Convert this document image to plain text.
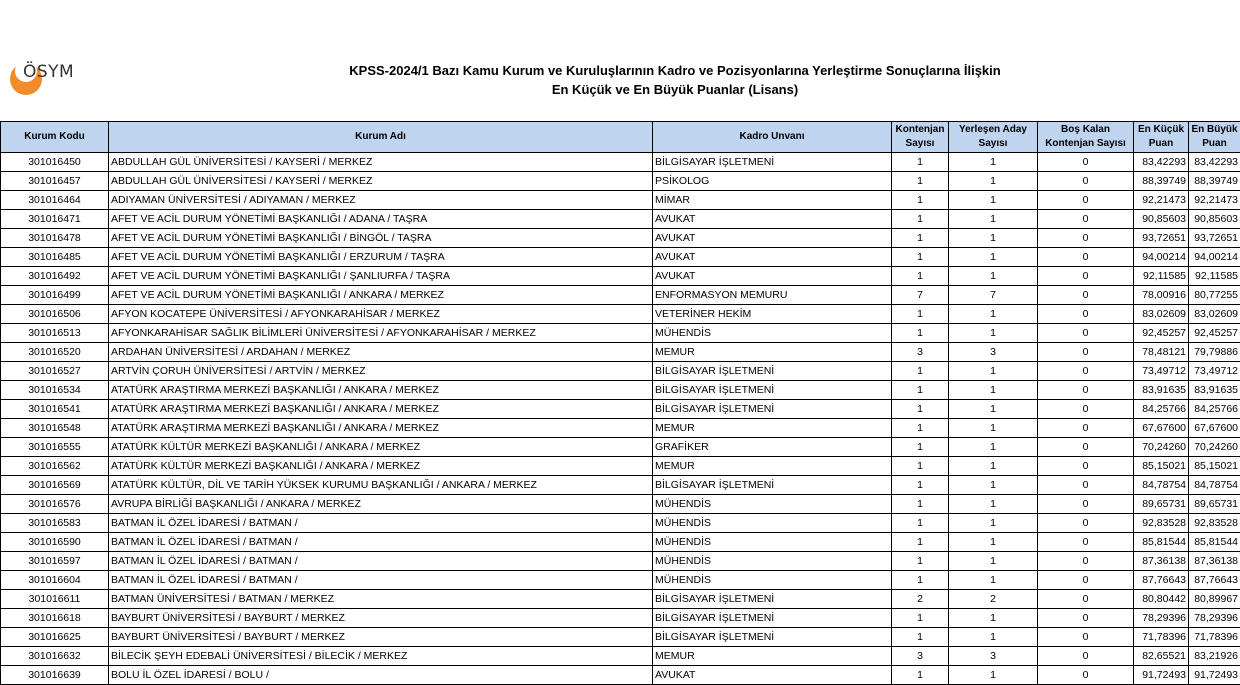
ÖSYM	KPSS-2024/1 Bazı Kamu Kurum ve Kuruluşlarının Kadro ve Pozisyonlarına Yerleştirme Sonuçlarına İlişkin
En Küçük ve En Büyük Puanlar (Lisans)
Kurum Kodu	Kurum Adı	Kadro Unvanı	Kontenjan Sayısı	Yerleşen Aday Sayısı	Boş Kalan Kontenjan Sayısı	En Küçük Puan	En Büyük Puan
301016450	ABDULLAH GÜL ÜNİVERSİTESİ / KAYSERİ / MERKEZ	BİLGİSAYAR İŞLETMENİ	1	1	0	83,42293	83,42293
301016457	ABDULLAH GÜL ÜNİVERSİTESİ / KAYSERİ / MERKEZ	PSİKOLOG	1	1	0	88,39749	88,39749
301016464	ADIYAMAN ÜNİVERSİTESİ / ADIYAMAN / MERKEZ	MİMAR	1	1	0	92,21473	92,21473
301016471	AFET VE ACİL DURUM YÖNETİMİ BAŞKANLIĞI / ADANA / TAŞRA	AVUKAT	1	1	0	90,85603	90,85603
301016478	AFET VE ACİL DURUM YÖNETİMİ BAŞKANLIĞI / BİNGÖL / TAŞRA	AVUKAT	1	1	0	93,72651	93,72651
301016485	AFET VE ACİL DURUM YÖNETİMİ BAŞKANLIĞI / ERZURUM / TAŞRA	AVUKAT	1	1	0	94,00214	94,00214
301016492	AFET VE ACİL DURUM YÖNETİMİ BAŞKANLIĞI / ŞANLIURFA / TAŞRA	AVUKAT	1	1	0	92,11585	92,11585
301016499	AFET VE ACİL DURUM YÖNETİMİ BAŞKANLIĞI / ANKARA / MERKEZ	ENFORMASYON MEMURU	7	7	0	78,00916	80,77255
301016506	AFYON KOCATEPE ÜNİVERSİTESİ / AFYONKARAHİSAR / MERKEZ	VETERİNER HEKİM	1	1	0	83,02609	83,02609
301016513	AFYONKARAHİSAR SAĞLIK BİLİMLERİ ÜNİVERSİTESİ / AFYONKARAHİSAR / MERKEZ	MÜHENDİS	1	1	0	92,45257	92,45257
301016520	ARDAHAN ÜNİVERSİTESİ / ARDAHAN / MERKEZ	MEMUR	3	3	0	78,48121	79,79886
301016527	ARTVİN ÇORUH ÜNİVERSİTESİ / ARTVİN / MERKEZ	BİLGİSAYAR İŞLETMENİ	1	1	0	73,49712	73,49712
301016534	ATATÜRK ARAŞTIRMA MERKEZİ BAŞKANLIĞI / ANKARA / MERKEZ	BİLGİSAYAR İŞLETMENİ	1	1	0	83,91635	83,91635
301016541	ATATÜRK ARAŞTIRMA MERKEZİ BAŞKANLIĞI / ANKARA / MERKEZ	BİLGİSAYAR İŞLETMENİ	1	1	0	84,25766	84,25766
301016548	ATATÜRK ARAŞTIRMA MERKEZİ BAŞKANLIĞI / ANKARA / MERKEZ	MEMUR	1	1	0	67,67600	67,67600
301016555	ATATÜRK KÜLTÜR MERKEZİ BAŞKANLIĞI / ANKARA / MERKEZ	GRAFİKER	1	1	0	70,24260	70,24260
301016562	ATATÜRK KÜLTÜR MERKEZİ BAŞKANLIĞI / ANKARA / MERKEZ	MEMUR	1	1	0	85,15021	85,15021
301016569	ATATÜRK KÜLTÜR, DİL VE TARİH YÜKSEK KURUMU BAŞKANLIĞI / ANKARA / MERKEZ	BİLGİSAYAR İŞLETMENİ	1	1	0	84,78754	84,78754
301016576	AVRUPA BİRLİĞİ BAŞKANLIĞI / ANKARA / MERKEZ	MÜHENDİS	1	1	0	89,65731	89,65731
301016583	BATMAN İL ÖZEL İDARESİ / BATMAN /	MÜHENDİS	1	1	0	92,83528	92,83528
301016590	BATMAN İL ÖZEL İDARESİ / BATMAN /	MÜHENDİS	1	1	0	85,81544	85,81544
301016597	BATMAN İL ÖZEL İDARESİ / BATMAN /	MÜHENDİS	1	1	0	87,36138	87,36138
301016604	BATMAN İL ÖZEL İDARESİ / BATMAN /	MÜHENDİS	1	1	0	87,76643	87,76643
301016611	BATMAN ÜNİVERSİTESİ / BATMAN / MERKEZ	BİLGİSAYAR İŞLETMENİ	2	2	0	80,80442	80,89967
301016618	BAYBURT ÜNİVERSİTESİ / BAYBURT / MERKEZ	BİLGİSAYAR İŞLETMENİ	1	1	0	78,29396	78,29396
301016625	BAYBURT ÜNİVERSİTESİ / BAYBURT / MERKEZ	BİLGİSAYAR İŞLETMENİ	1	1	0	71,78396	71,78396
301016632	BİLECİK ŞEYH EDEBALİ ÜNİVERSİTESİ / BİLECİK / MERKEZ	MEMUR	3	3	0	82,65521	83,21926
301016639	BOLU İL ÖZEL İDARESİ / BOLU /	AVUKAT	1	1	0	91,72493	91,72493
